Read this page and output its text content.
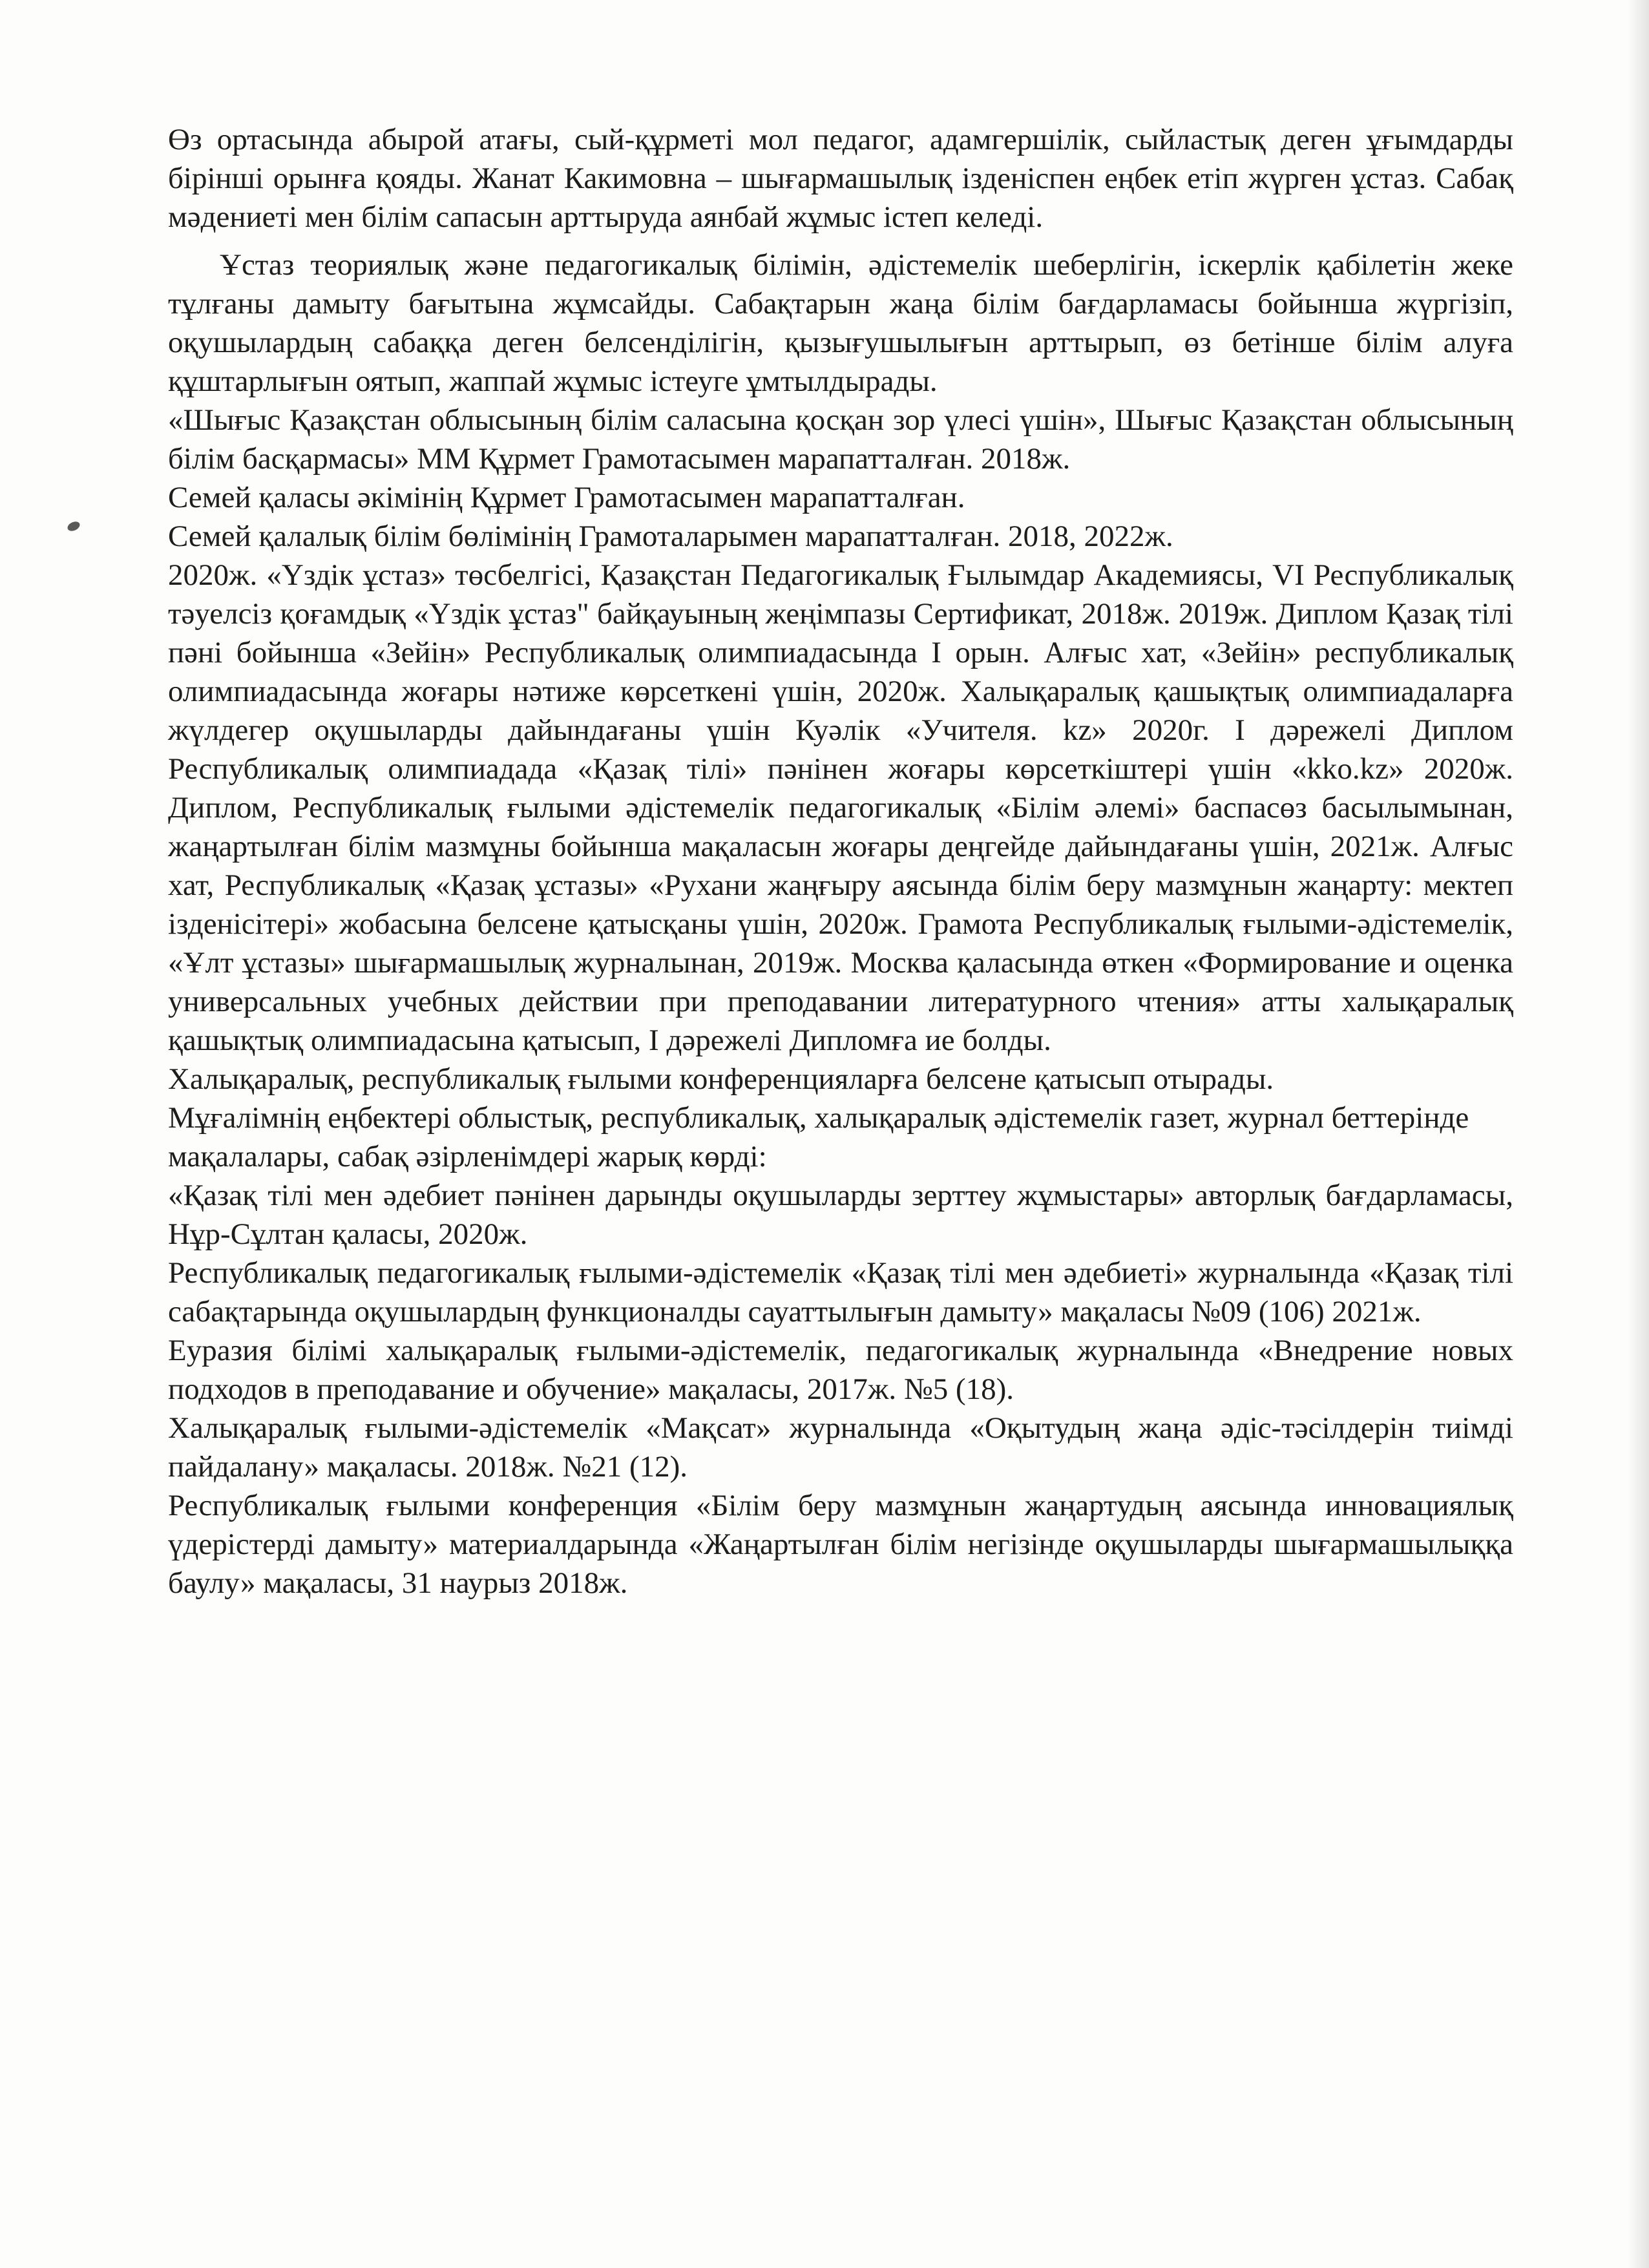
Өз ортасында абырой атағы, сый-құрметі мол педагог, адамгершілік, сыйластық деген ұғымдарды бірінші орынға қояды. Жанат Какимовна – шығармашылық ізденіспен еңбек етіп жүрген ұстаз. Сабақ мәдениеті мен білім сапасын арттыруда аянбай жұмыс істеп келеді.

Ұстаз теориялық және педагогикалық білімін, әдістемелік шеберлігін, іскерлік қабілетін жеке тұлғаны дамыту бағытына жұмсайды. Сабақтарын жаңа білім бағдарламасы бойынша жүргізіп, оқушылардың сабаққа деген белсенділігін, қызығушылығын арттырып, өз бетінше білім алуға құштарлығын оятып, жаппай жұмыс істеуге ұмтылдырады.

«Шығыс Қазақстан облысының білім саласына қосқан зор үлесі үшін», Шығыс Қазақстан облысының білім басқармасы» ММ Құрмет Грамотасымен марапатталған. 2018ж.

Семей қаласы әкімінің Құрмет Грамотасымен марапатталған.

Семей қалалық білім бөлімінің Грамоталарымен марапатталған. 2018, 2022ж.

2020ж. «Үздік ұстаз» төсбелгісі, Қазақстан Педагогикалық Ғылымдар Академиясы, VI Республикалық тәуелсіз қоғамдық «Үздік ұстаз" байқауының жеңімпазы Сертификат, 2018ж. 2019ж. Диплом Қазақ тілі пәні бойынша «Зейін» Республикалық олимпиадасында I орын. Алғыс хат, «Зейін» республикалық олимпиадасында жоғары нәтиже көрсеткені үшін, 2020ж. Халықаралық қашықтық олимпиадаларға жүлдегер оқушыларды дайындағаны үшін Куәлік «Учителя. kz» 2020г. I дәрежелі Диплом Республикалық олимпиадада «Қазақ тілі» пәнінен жоғары көрсеткіштері үшін «kko.kz» 2020ж. Диплом, Республикалық ғылыми әдістемелік педагогикалық «Білім әлемі» баспасөз басылымынан, жаңартылған білім мазмұны бойынша мақаласын жоғары деңгейде дайындағаны үшін, 2021ж. Алғыс хат, Республикалық «Қазақ ұстазы» «Рухани жаңғыру аясында білім беру мазмұнын жаңарту: мектеп ізденісітері» жобасына белсене қатысқаны үшін, 2020ж. Грамота Республикалық ғылыми-әдістемелік, «Ұлт ұстазы» шығармашылық журналынан, 2019ж. Москва қаласында өткен «Формирование и оценка универсальных учебных действии при преподавании литературного чтения» атты халықаралық қашықтық олимпиадасына қатысып, I дәрежелі Дипломға ие болды.

Халықаралық, республикалық ғылыми конференцияларға белсене қатысып отырады.

Мұғалімнің еңбектері облыстық, республикалық, халықаралық әдістемелік газет, журнал беттерінде мақалалары, сабақ әзірленімдері жарық көрді:

«Қазақ тілі мен әдебиет пәнінен дарынды оқушыларды зерттеу жұмыстары» авторлық бағдарламасы, Нұр-Сұлтан қаласы, 2020ж.

Республикалық педагогикалық ғылыми-әдістемелік «Қазақ тілі мен әдебиеті» журналында «Қазақ тілі сабақтарында оқушылардың функционалды сауаттылығын дамыту» мақаласы №09 (106) 2021ж.

Еуразия білімі халықаралық ғылыми-әдістемелік, педагогикалық журналында «Внедрение новых подходов в преподавание и обучение» мақаласы, 2017ж. №5 (18).

Халықаралық ғылыми-әдістемелік «Мақсат» журналында «Оқытудың жаңа әдіс-тәсілдерін тиімді пайдалану» мақаласы. 2018ж. №21 (12).

Республикалық ғылыми конференция «Білім беру мазмұнын жаңартудың аясында инновациялық үдерістерді дамыту» материалдарында «Жаңартылған білім негізінде оқушыларды шығармашылыққа баулу» мақаласы, 31 наурыз 2018ж.
